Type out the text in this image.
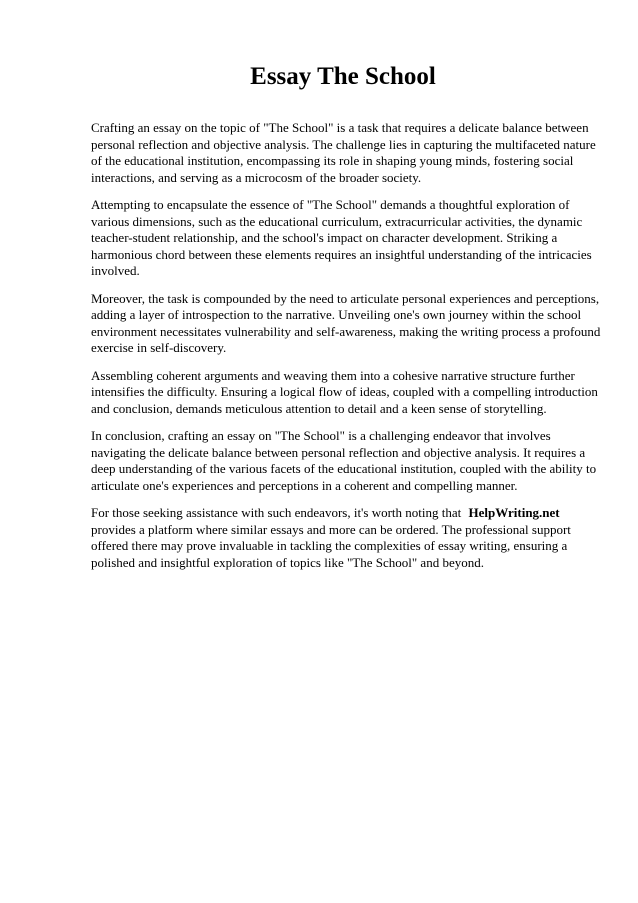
Essay The School

Crafting an essay on the topic of "The School" is a task that requires a delicate balance between personal reflection and objective analysis. The challenge lies in capturing the multifaceted nature of the educational institution, encompassing its role in shaping young minds, fostering social interactions, and serving as a microcosm of the broader society.

Attempting to encapsulate the essence of "The School" demands a thoughtful exploration of various dimensions, such as the educational curriculum, extracurricular activities, the dynamic teacher-student relationship, and the school's impact on character development. Striking a harmonious chord between these elements requires an insightful understanding of the intricacies involved.

Moreover, the task is compounded by the need to articulate personal experiences and perceptions, adding a layer of introspection to the narrative. Unveiling one's own journey within the school environment necessitates vulnerability and self-awareness, making the writing process a profound exercise in self-discovery.

Assembling coherent arguments and weaving them into a cohesive narrative structure further intensifies the difficulty. Ensuring a logical flow of ideas, coupled with a compelling introduction and conclusion, demands meticulous attention to detail and a keen sense of storytelling.

In conclusion, crafting an essay on "The School" is a challenging endeavor that involves navigating the delicate balance between personal reflection and objective analysis. It requires a deep understanding of the various facets of the educational institution, coupled with the ability to articulate one's experiences and perceptions in a coherent and compelling manner.

For those seeking assistance with such endeavors, it's worth noting that HelpWriting.net provides a platform where similar essays and more can be ordered. The professional support offered there may prove invaluable in tackling the complexities of essay writing, ensuring a polished and insightful exploration of topics like "The School" and beyond.
